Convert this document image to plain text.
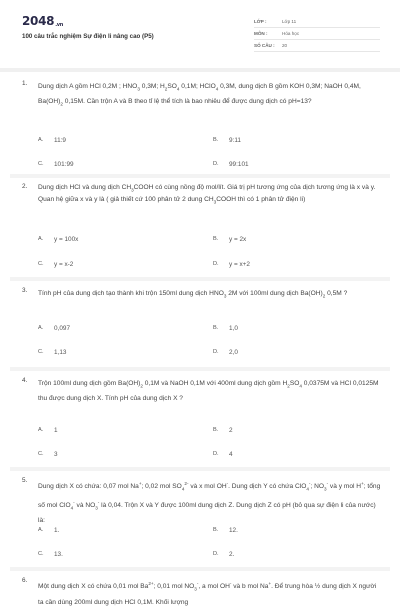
$2048_{.vn}$
100 câu trắc nghiệm Sự điện li nâng cao (P5)
LỚP :	Lớp 11
MÔN :	Hóa học
SỐ CÂU :	20
1. Dung dịch A gồm HCl 0,2M ; $HNO_3$ 0,3M; $H_2SO_4$ 0,1M; HClO$_4$ 0,3M, dung dịch B gồm KOH 0,3M; NaOH 0,4M, $Ba(OH)_2$ 0,15M. Cần trộn A và B theo tỉ lệ thể tích là bao nhiêu để được dung dịch có pH=13?
A.	11:9	B.	9:11
C.	101:99	D.	99:101
2. Dung dịch HCl và dung dịch $CH_3COOH$ có cùng nồng độ mol/lít. Giá trị pH tương ứng của dịch tương ứng là x và y. Quan hệ giữa x và y là ( giả thiết cứ 100 phân tử 2 dung $CH_3COOH$ thì có 1 phân tử điện li)
A.	y = 100x	B.	y = 2x
C.	y = x-2	D.	y = x+2
3. Tính pH của dung dịch tạo thành khi trộn 150ml dung dịch $HNO_3$ 2M với 100ml dung dịch $Ba(OH)_2$ 0,5M ?
A.	0,097	B.	1,0
C.	1,13	D.	2,0
4. Trộn 100ml dung dịch gồm $Ba(OH)_2$ 0,1M và NaOH 0,1M với 400ml dung dịch gồm $H_2SO_4$ 0,0375M và HCl 0,0125M thu được dung dịch X. Tính pH của dung dịch X ?
A.	1	B.	2
C.	3	D.	4
5.
Dung dịch X có chứa: 0,07 mol Na+; 0,02 mol $SO_4^{2-}$ và x mol OH-. Dung dịch Y có chứa ClO$_4$-; $NO_3^-$ và y mol H+; tổng số mol ClO$_4$- và $NO_3^-$ là 0,04. Trộn X và Y được 100ml dung dịch Z. Dung dịch Z có pH (bỏ qua sự điện li của nước) là:
A.	1.	B.	12.
C.	13.	D.	2.
6.
Một dung dịch X có chứa 0,01 mol $Ba^{2+}$; 0,01 mol $NO_3^-$, a mol OH- và b mol Na+. Để trung hòa ½ dung dịch X người ta cần dùng 200ml dung dịch HCl 0,1M. Khối lượng
